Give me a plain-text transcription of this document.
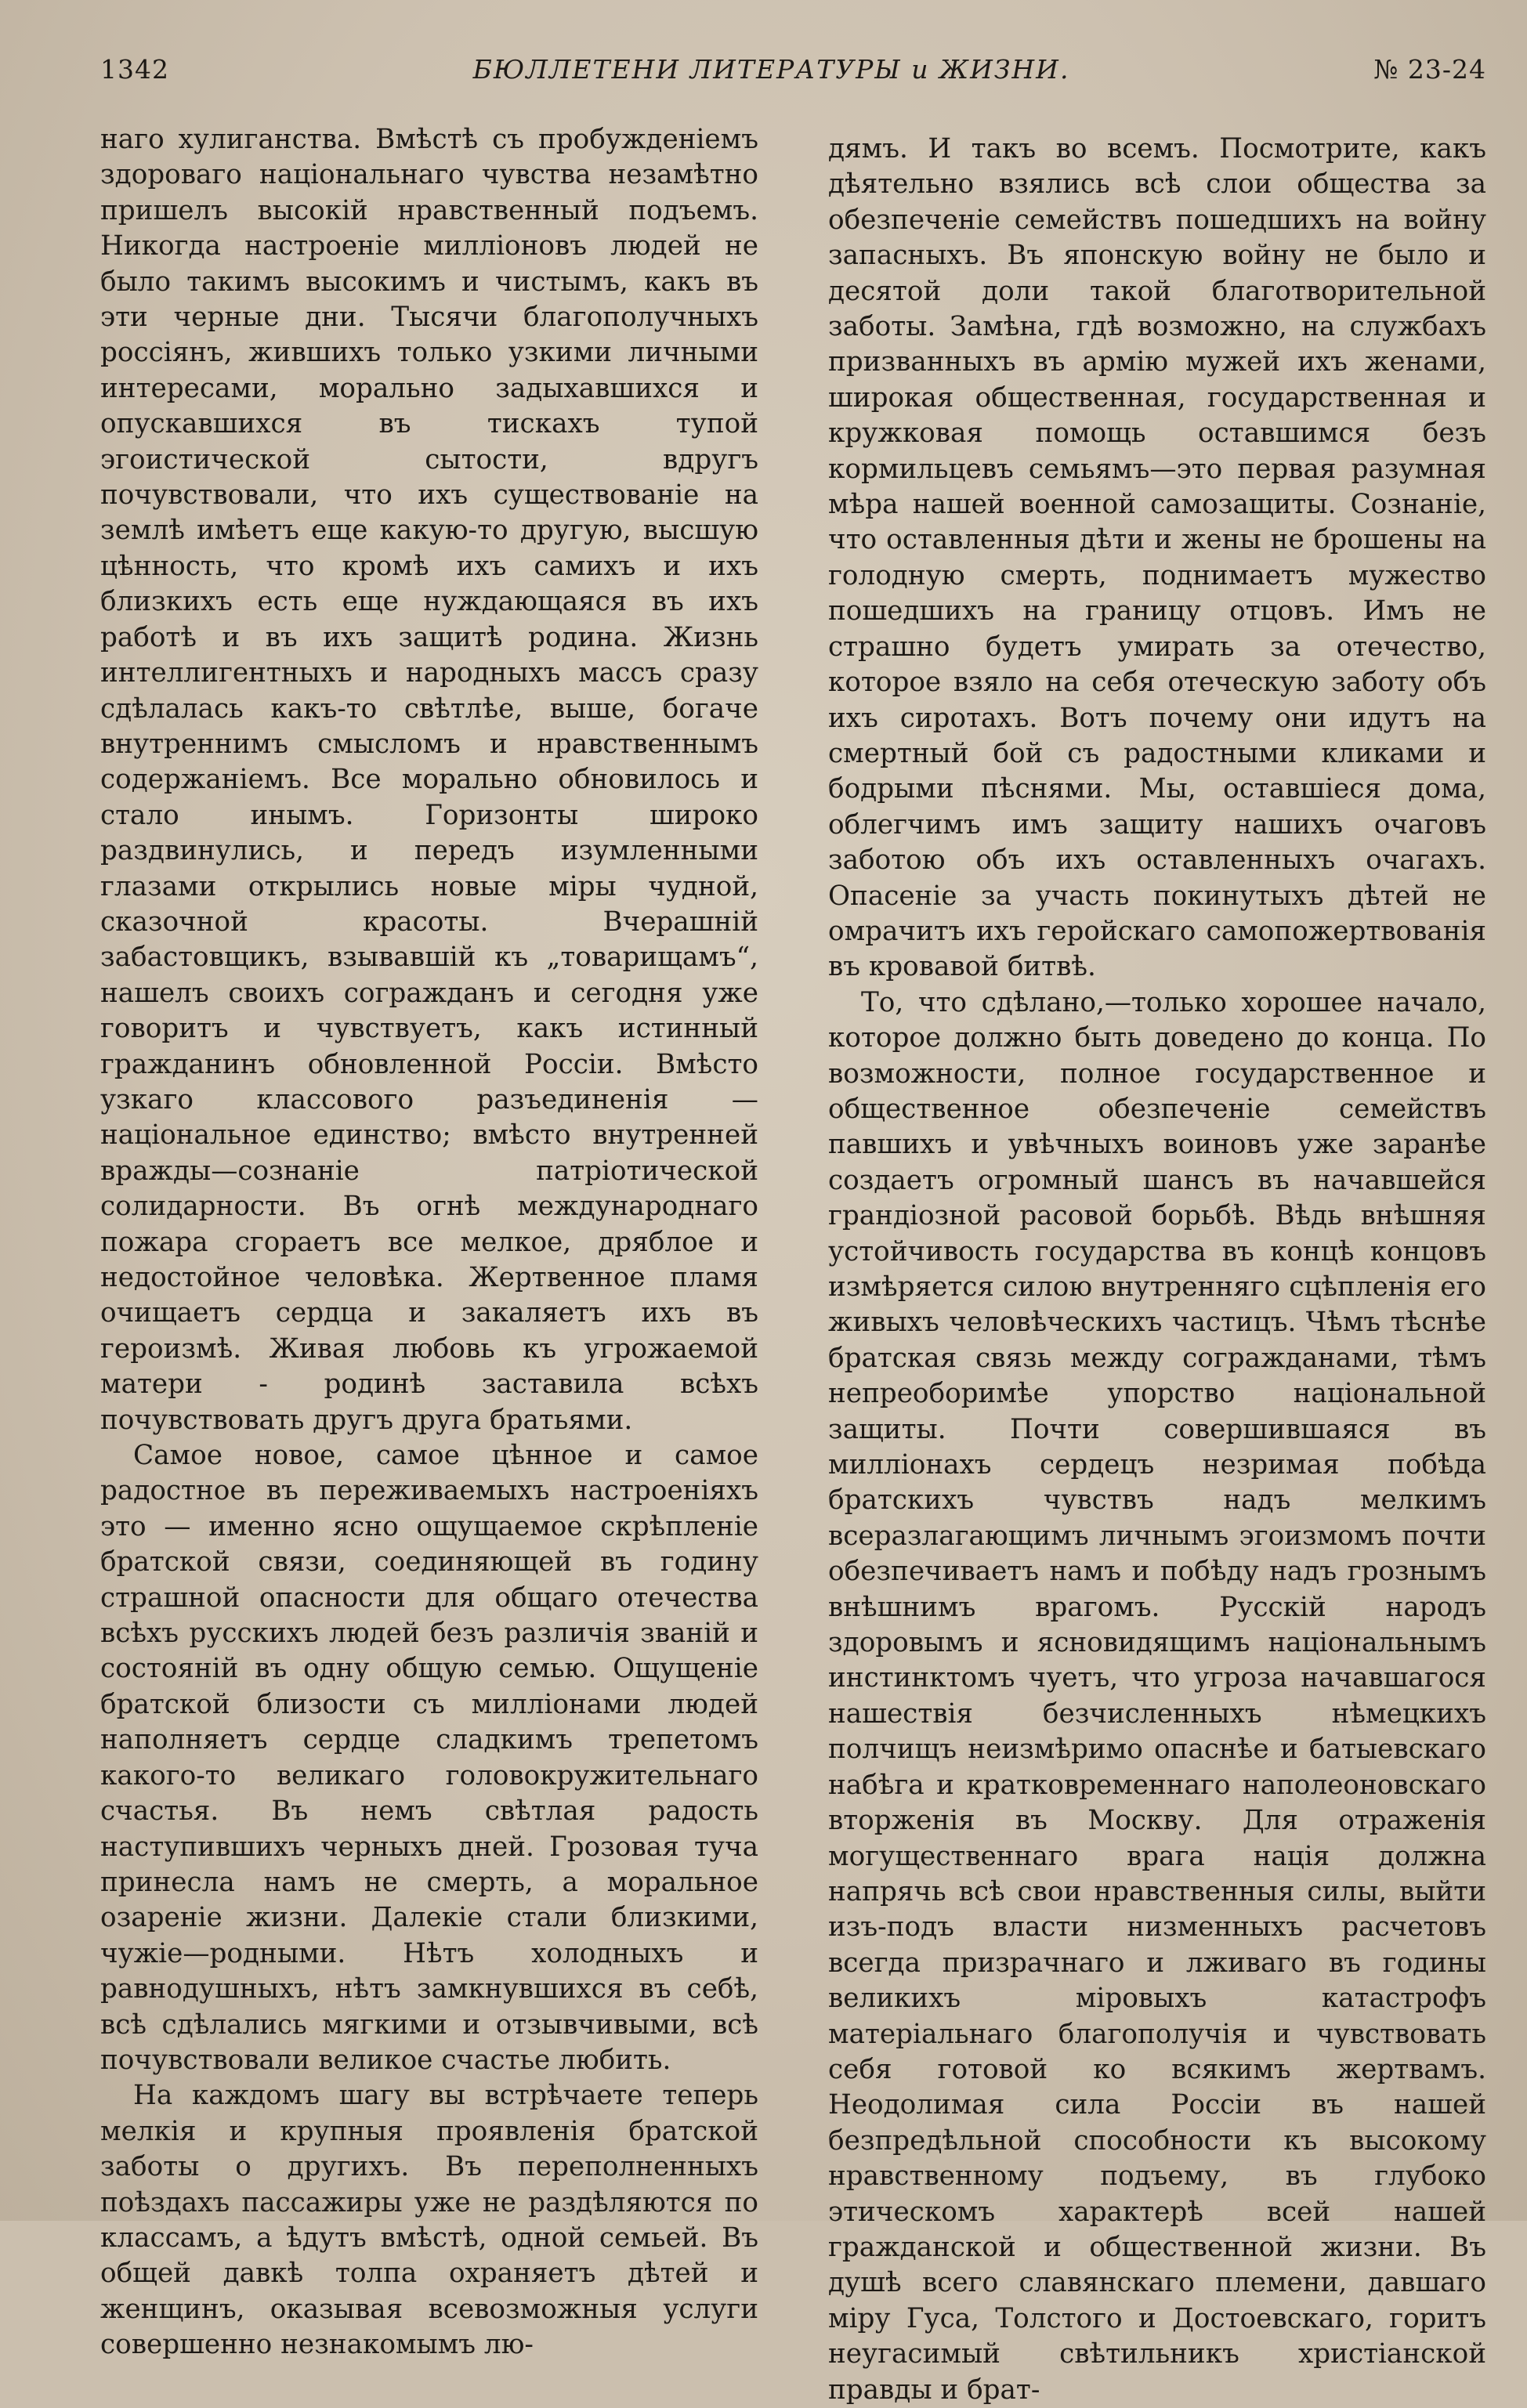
1342	БЮЛЛЕТЕНИ ЛИТЕРАТУРЫ и ЖИЗНИ.	№ 23-24

наго хулиганства. Вмѣстѣ съ пробужденіемъ здороваго національнаго чувства незамѣтно пришелъ высокій нравственный подъемъ. Никогда настроеніе милліоновъ людей не было такимъ высокимъ и чистымъ, какъ въ эти черные дни. Тысячи благополучныхъ россіянъ, жившихъ только узкими личными интересами, морально задыхавшихся и опускавшихся въ тискахъ тупой эгоистической сытости, вдругъ почувствовали, что ихъ существованіе на землѣ имѣетъ еще какую-то другую, высшую цѣнность, что кромѣ ихъ самихъ и ихъ близкихъ есть еще нуждающаяся въ ихъ работѣ и въ ихъ защитѣ родина. Жизнь интеллигентныхъ и народныхъ массъ сразу сдѣлалась какъ-то свѣтлѣе, выше, богаче внутреннимъ смысломъ и нравственнымъ содержаніемъ. Все морально обновилось и стало инымъ. Горизонты широко раздвинулись, и передъ изумленными глазами открылись новые міры чудной, сказочной красоты. Вчерашній забастовщикъ, взывавшій къ „товарищамъ“, нашелъ своихъ согражданъ и сегодня уже говоритъ и чувствуетъ, какъ истинный гражданинъ обновленной Россіи. Вмѣсто узкаго классового разъединенія — національное единство; вмѣсто внутренней вражды—сознаніе патріотической солидарности. Въ огнѣ международнаго пожара сгораетъ все мелкое, дряблое и недостойное человѣка. Жертвенное пламя очищаетъ сердца и закаляетъ ихъ въ героизмѣ. Живая любовь къ угрожаемой матери - родинѣ заставила всѣхъ почувствовать другъ друга братьями.

Самое новое, самое цѣнное и самое радостное въ переживаемыхъ настроеніяхъ это — именно ясно ощущаемое скрѣпленіе братской связи, соединяющей въ годину страшной опасности для общаго отечества всѣхъ русскихъ людей безъ различія званій и состояній въ одну общую семью. Ощущеніе братской близости съ милліонами людей наполняетъ сердце сладкимъ трепетомъ какого-то великаго головокружительнаго счастья. Въ немъ свѣтлая радость наступившихъ черныхъ дней. Грозовая туча принесла намъ не смерть, а моральное озареніе жизни. Далекіе стали близкими, чужіе—родными. Нѣтъ холодныхъ и равнодушныхъ, нѣтъ замкнувшихся въ себѣ, всѣ сдѣлались мягкими и отзывчивыми, всѣ почувствовали великое счастье любить.

На каждомъ шагу вы встрѣчаете теперь мелкія и крупныя проявленія братской заботы о другихъ. Въ переполненныхъ поѣздахъ пассажиры уже не раздѣляются по классамъ, а ѣдутъ вмѣстѣ, одной семьей. Въ общей давкѣ толпа охраняетъ дѣтей и женщинъ, оказывая всевозможныя услуги совершенно незнакомымъ лю-

дямъ. И такъ во всемъ. Посмотрите, какъ дѣятельно взялись всѣ слои общества за обезпеченіе семействъ пошедшихъ на войну запасныхъ. Въ японскую войну не было и десятой доли такой благотворительной заботы. Замѣна, гдѣ возможно, на службахъ призванныхъ въ армію мужей ихъ женами, широкая общественная, государственная и кружковая помощь оставшимся безъ кормильцевъ семьямъ—это первая разумная мѣра нашей военной самозащиты. Сознаніе, что оставленныя дѣти и жены не брошены на голодную смерть, поднимаетъ мужество пошедшихъ на границу отцовъ. Имъ не страшно будетъ умирать за отечество, которое взяло на себя отеческую заботу объ ихъ сиротахъ. Вотъ почему они идутъ на смертный бой съ радостными кликами и бодрыми пѣснями. Мы, оставшіеся дома, облегчимъ имъ защиту нашихъ очаговъ заботою объ ихъ оставленныхъ очагахъ. Опасеніе за участь покинутыхъ дѣтей не омрачитъ ихъ геройскаго самопожертвованія въ кровавой битвѣ.

То, что сдѣлано,—только хорошее начало, которое должно быть доведено до конца. По возможности, полное государственное и общественное обезпеченіе семействъ павшихъ и увѣчныхъ воиновъ уже заранѣе создаетъ огромный шансъ въ начавшейся грандіозной расовой борьбѣ. Вѣдь внѣшняя устойчивость государства въ концѣ концовъ измѣряется силою внутренняго сцѣпленія его живыхъ человѣческихъ частицъ. Чѣмъ тѣснѣе братская связь между согражданами, тѣмъ непреоборимѣе упорство національной защиты. Почти совершившаяся въ милліонахъ сердецъ незримая побѣда братскихъ чувствъ надъ мелкимъ всеразлагающимъ личнымъ эгоизмомъ почти обезпечиваетъ намъ и побѣду надъ грознымъ внѣшнимъ врагомъ. Русскій народъ здоровымъ и ясновидящимъ національнымъ инстинктомъ чуетъ, что угроза начавшагося нашествія безчисленныхъ нѣмецкихъ полчищъ неизмѣримо опаснѣе и батыевскаго набѣга и кратковременнаго наполеоновскаго вторженія въ Москву. Для отраженія могущественнаго врага нація должна напрячь всѣ свои нравственныя силы, выйти изъ-подъ власти низменныхъ расчетовъ всегда призрачнаго и лживаго въ годины великихъ міровыхъ катастрофъ матеріальнаго благополучія и чувствовать себя готовой ко всякимъ жертвамъ. Неодолимая сила Россіи въ нашей безпредѣльной способности къ высокому нравственному подъему, въ глубоко этическомъ характерѣ всей нашей гражданской и общественной жизни. Въ душѣ всего славянскаго племени, давшаго міру Гуса, Толстого и Достоевскаго, горитъ неугасимый свѣтильникъ христіанской правды и брат-
